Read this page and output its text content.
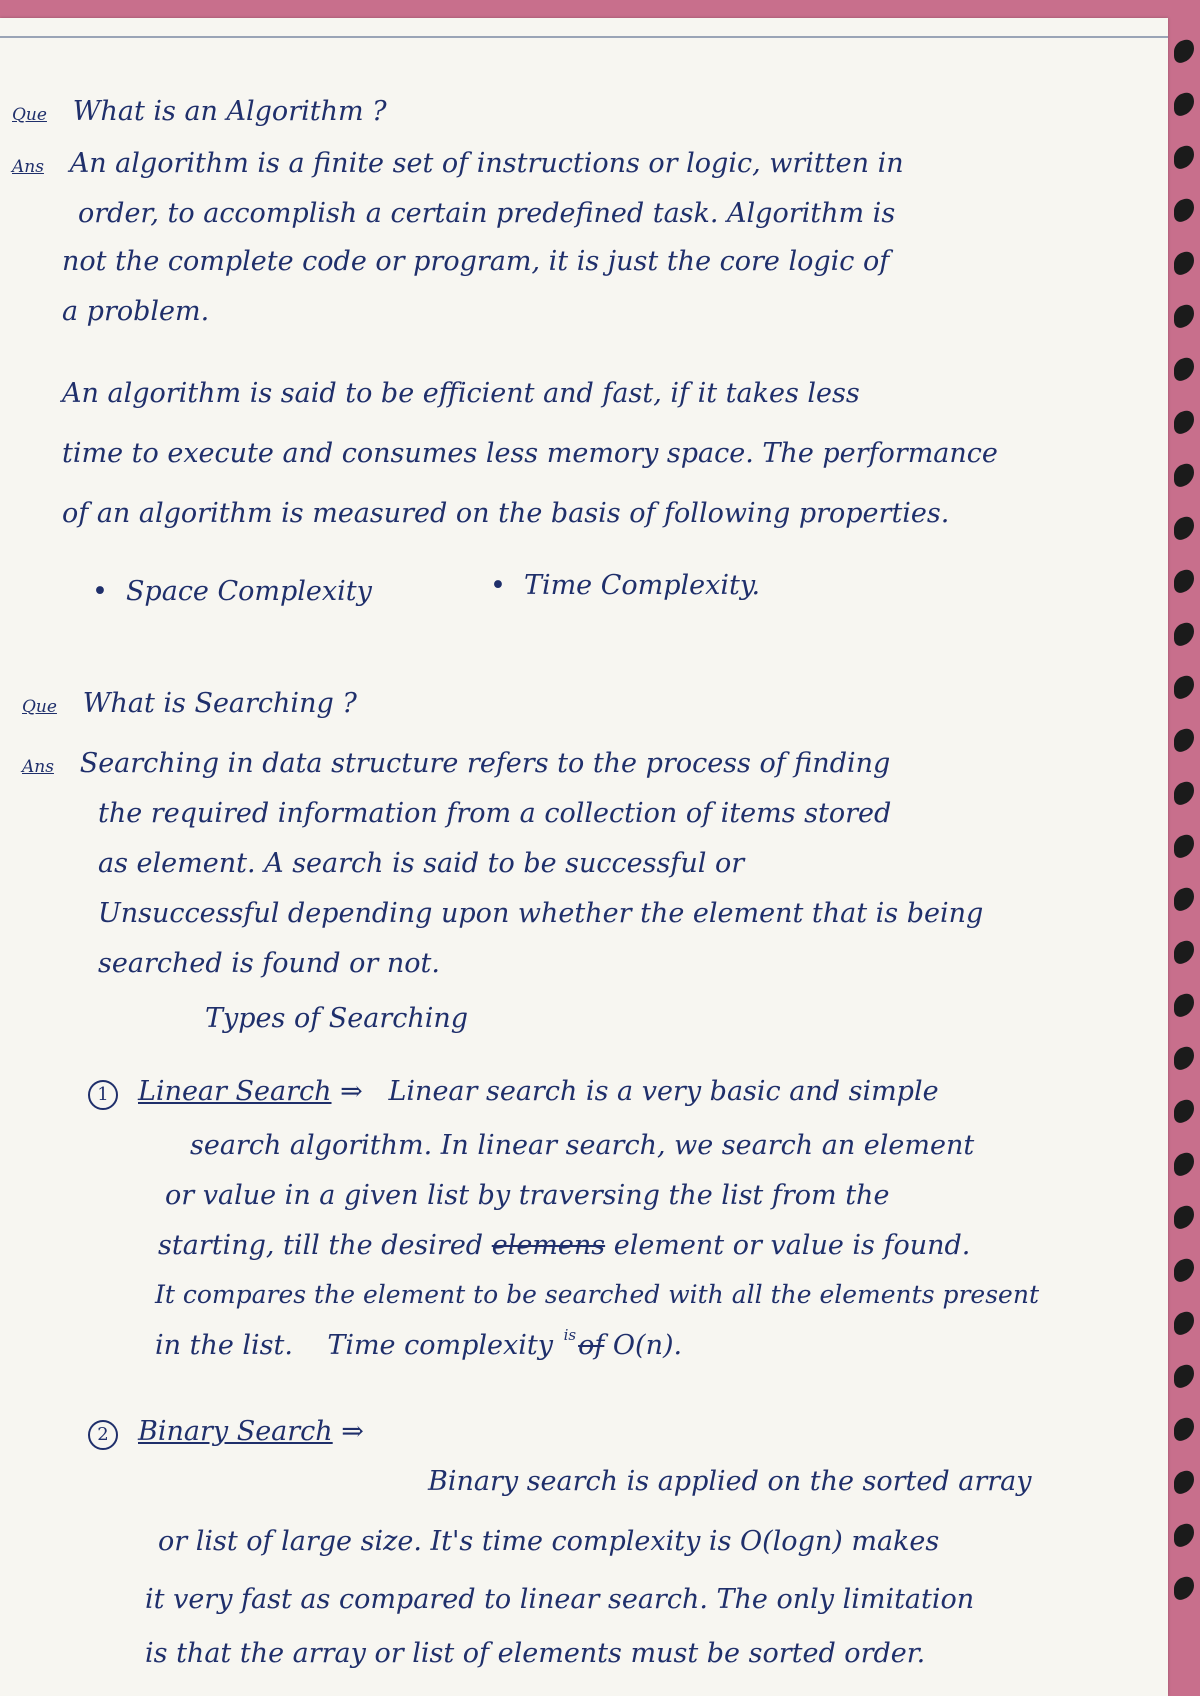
Que What is an Algorithm ?
Ans An algorithm is a finite set of instructions or logic, written in
order, to accomplish a certain predefined task. Algorithm is
not the complete code or program, it is just the core logic of
a problem.
An algorithm is said to be efficient and fast, if it takes less
time to execute and consumes less memory space. The performance
of an algorithm is measured on the basis of following properties.
• Space Complexity
•	Time Complexity.
Que What is Searching ?
Ans Searching in data structure refers to the process of finding
the required information from a collection of items stored
as element. A search is said to be successful or
Unsuccessful depending upon whether the element that is being
searched is found or not.
Types of Searching
1 Linear Search ⇒ Linear search is a very basic and simple
search algorithm. In linear search, we search an element
or value in a given list by traversing the list from the
starting, till the desired elemens element or value is found.
It compares the element to be searched with all the elements present
in the list. Time complexity $^{is}$of O(n).
2 Binary Search ⇒
Binary search is applied on the sorted array
or list of large size. It's time complexity is O(logn) makes
it very fast as compared to linear search. The only limitation
is that the array or list of elements must be sorted order.
